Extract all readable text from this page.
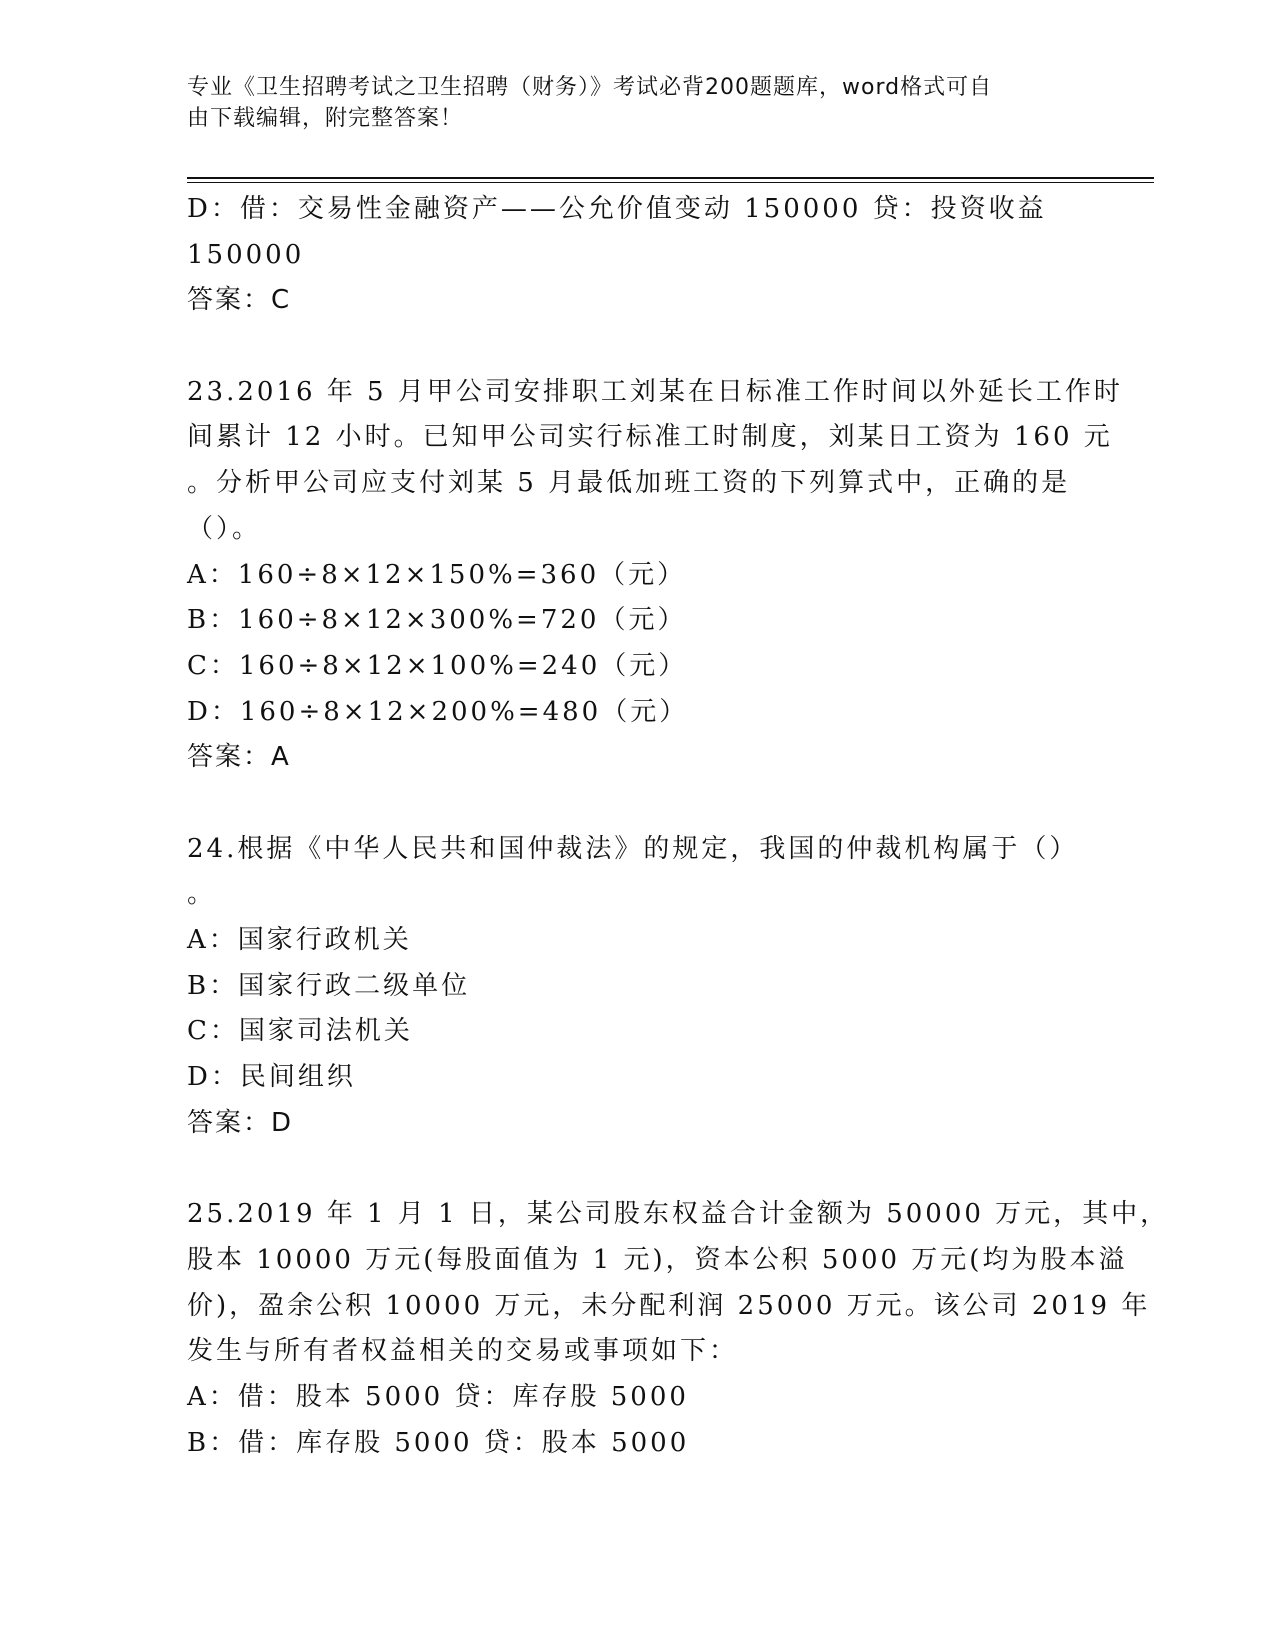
专业《卫生招聘考试之卫生招聘（财务）》考试必背200题题库，word格式可自
由下载编辑，附完整答案！
D：借：交易性金融资产——公允价值变动 150000 贷：投资收益
150000
答案：C
23.2016 年 5 月甲公司安排职工刘某在日标准工作时间以外延长工作时
间累计 12 小时。已知甲公司实行标准工时制度，刘某日工资为 160 元
。分析甲公司应支付刘某 5 月最低加班工资的下列算式中，正确的是
（）。
A：160÷8×12×150%=360（元）
B：160÷8×12×300%=720（元）
C：160÷8×12×100%=240（元）
D：160÷8×12×200%=480（元）
答案：A
24.根据《中华人民共和国仲裁法》的规定，我国的仲裁机构属于（）
。
A：国家行政机关
B：国家行政二级单位
C：国家司法机关
D：民间组织
答案：D
25.2019 年 1 月 1 日，某公司股东权益合计金额为 50000 万元，其中，
股本 10000 万元(每股面值为 1 元)，资本公积 5000 万元(均为股本溢
价)，盈余公积 10000 万元，未分配利润 25000 万元。该公司 2019 年
发生与所有者权益相关的交易或事项如下：
A：借：股本 5000 贷：库存股 5000
B：借：库存股 5000 贷：股本 5000
